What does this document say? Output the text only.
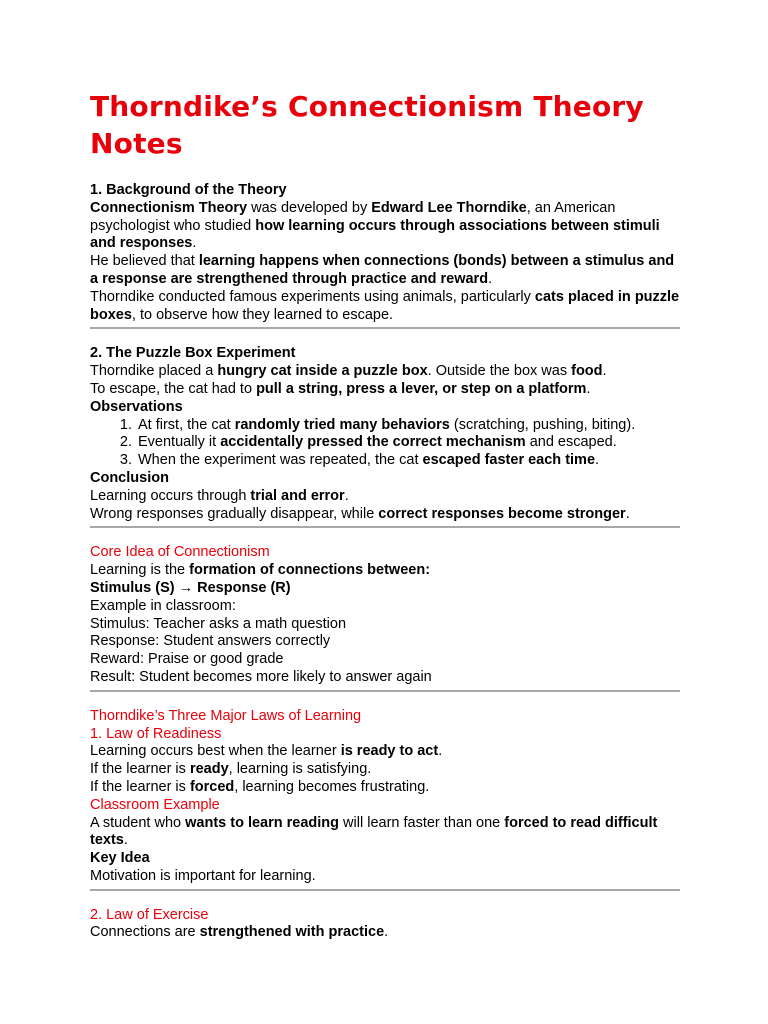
Thorndike’s Connectionism Theory Notes
1. Background of the Theory

Connectionism Theory was developed by Edward Lee Thorndike, an American psychologist who studied how learning occurs through associations between stimuli and responses.

He believed that learning happens when connections (bonds) between a stimulus and a response are strengthened through practice and reward.

Thorndike conducted famous experiments using animals, particularly cats placed in puzzle boxes, to observe how they learned to escape.

2. The Puzzle Box Experiment

Thorndike placed a hungry cat inside a puzzle box. Outside the box was food.

To escape, the cat had to pull a string, press a lever, or step on a platform.

Observations
1. At first, the cat randomly tried many behaviors (scratching, pushing, biting).
2. Eventually it accidentally pressed the correct mechanism and escaped.
3. When the experiment was repeated, the cat escaped faster each time.
Conclusion

Learning occurs through trial and error.

Wrong responses gradually disappear, while correct responses become stronger.

Core Idea of Connectionism

Learning is the formation of connections between:

Stimulus (S) → Response (R)
Example in classroom:
Stimulus: Teacher asks a math question
Response: Student answers correctly
Reward: Praise or good grade
Result: Student becomes more likely to answer again
Thorndike’s Three Major Laws of Learning
1. Law of Readiness

Learning occurs best when the learner is ready to act.

If the learner is ready, learning is satisfying.

If the learner is forced, learning becomes frustrating.

Classroom Example

A student who wants to learn reading will learn faster than one forced to read difficult texts.

Key Idea
Motivation is important for learning.
2. Law of Exercise

Connections are strengthened with practice.
